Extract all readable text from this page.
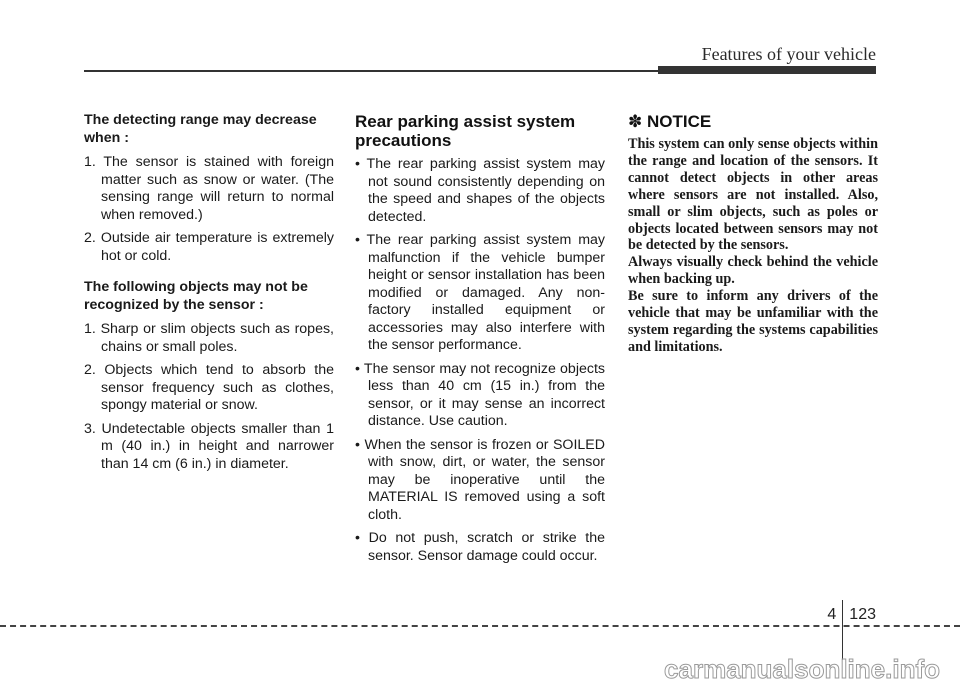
Features of your vehicle

The detecting range may decrease when :

1. The sensor is stained with foreign matter such as snow or water. (The sensing range will return to normal when removed.)

2. Outside air temperature is extremely hot or cold.

The following objects may not be recognized by the sensor :

1. Sharp or slim objects such as ropes, chains or small poles.

2. Objects which tend to absorb the sensor frequency such as clothes, spongy material or snow.

3. Undetectable objects smaller than 1 m (40 in.) in height and narrower than 14 cm (6 in.) in diameter.

Rear parking assist system precautions

• The rear parking assist system may not sound consistently depending on the speed and shapes of the objects detected.

• The rear parking assist system may malfunction if the vehicle bumper height or sensor installation has been modified or damaged. Any non-factory installed equipment or accessories may also interfere with the sensor performance.

• The sensor may not recognize objects less than 40 cm (15 in.) from the sensor, or it may sense an incorrect distance. Use caution.

• When the sensor is frozen or SOILED with snow, dirt, or water, the sensor may be inoperative until the MATERIAL IS removed using a soft cloth.

• Do not push, scratch or strike the sensor. Sensor damage could occur.

✽ NOTICE

This system can only sense objects within the range and location of the sensors. It cannot detect objects in other areas where sensors are not installed. Also, small or slim objects, such as poles or objects located between sensors may not be detected by the sensors.

Always visually check behind the vehicle when backing up.

Be sure to inform any drivers of the vehicle that may be unfamiliar with the system regarding the systems capabilities and limitations.

4 123
carmanualsonline.info
